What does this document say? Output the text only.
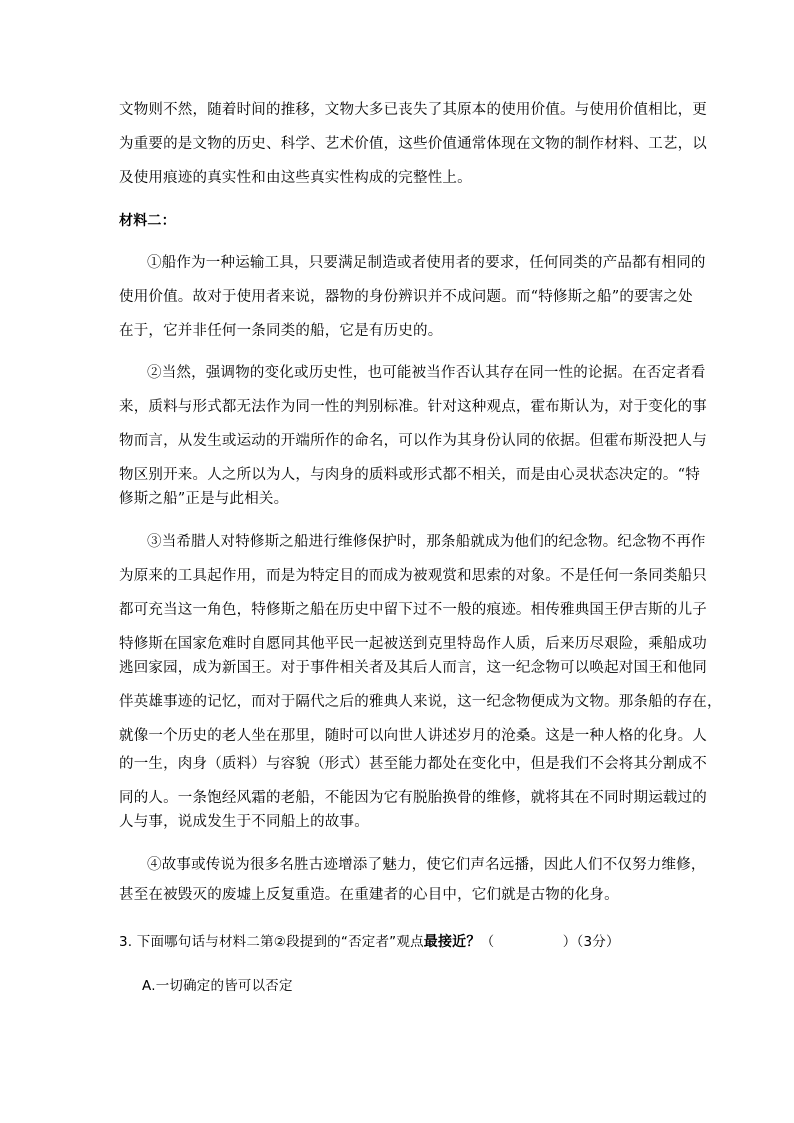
文物则不然，随着时间的推移，文物大多已丧失了其原本的使用价值。与使用价值相比，更
为重要的是文物的历史、科学、艺术价值，这些价值通常体现在文物的制作材料、工艺，以
及使用痕迹的真实性和由这些真实性构成的完整性上。
材料二：
①船作为一种运输工具，只要满足制造或者使用者的要求，任何同类的产品都有相同的
使用价值。故对于使用者来说，器物的身份辨识并不成问题。而“特修斯之船”的要害之处
在于，它并非任何一条同类的船，它是有历史的。
②当然，强调物的变化或历史性，也可能被当作否认其存在同一性的论据。在否定者看
来，质料与形式都无法作为同一性的判别标准。针对这种观点，霍布斯认为，对于变化的事
物而言，从发生或运动的开端所作的命名，可以作为其身份认同的依据。但霍布斯没把人与
物区别开来。人之所以为人，与肉身的质料或形式都不相关，而是由心灵状态决定的。“特
修斯之船”正是与此相关。
③当希腊人对特修斯之船进行维修保护时，那条船就成为他们的纪念物。纪念物不再作
为原来的工具起作用，而是为特定目的而成为被观赏和思索的对象。不是任何一条同类船只
都可充当这一角色，特修斯之船在历史中留下过不一般的痕迹。相传雅典国王伊吉斯的儿子
特修斯在国家危难时自愿同其他平民一起被送到克里特岛作人质，后来历尽艰险，乘船成功
逃回家园，成为新国王。对于事件相关者及其后人而言，这一纪念物可以唤起对国王和他同
伴英雄事迹的记忆，而对于隔代之后的雅典人来说，这一纪念物便成为文物。那条船的存在，
就像一个历史的老人坐在那里，随时可以向世人讲述岁月的沧桑。这是一种人格的化身。人
的一生，肉身（质料）与容貌（形式）甚至能力都处在变化中，但是我们不会将其分割成不
同的人。一条饱经风霜的老船，不能因为它有脱胎换骨的维修，就将其在不同时期运载过的
人与事，说成发生于不同船上的故事。
④故事或传说为很多名胜古迹增添了魅力，使它们声名远播，因此人们不仅努力维修，
甚至在被毁灭的废墟上反复重造。在重建者的心目中，它们就是古物的化身。
3. 下面哪句话与材料二第②段提到的“否定者”观点最接近？（　　　　　）（3分）
A.一切确定的皆可以否定
